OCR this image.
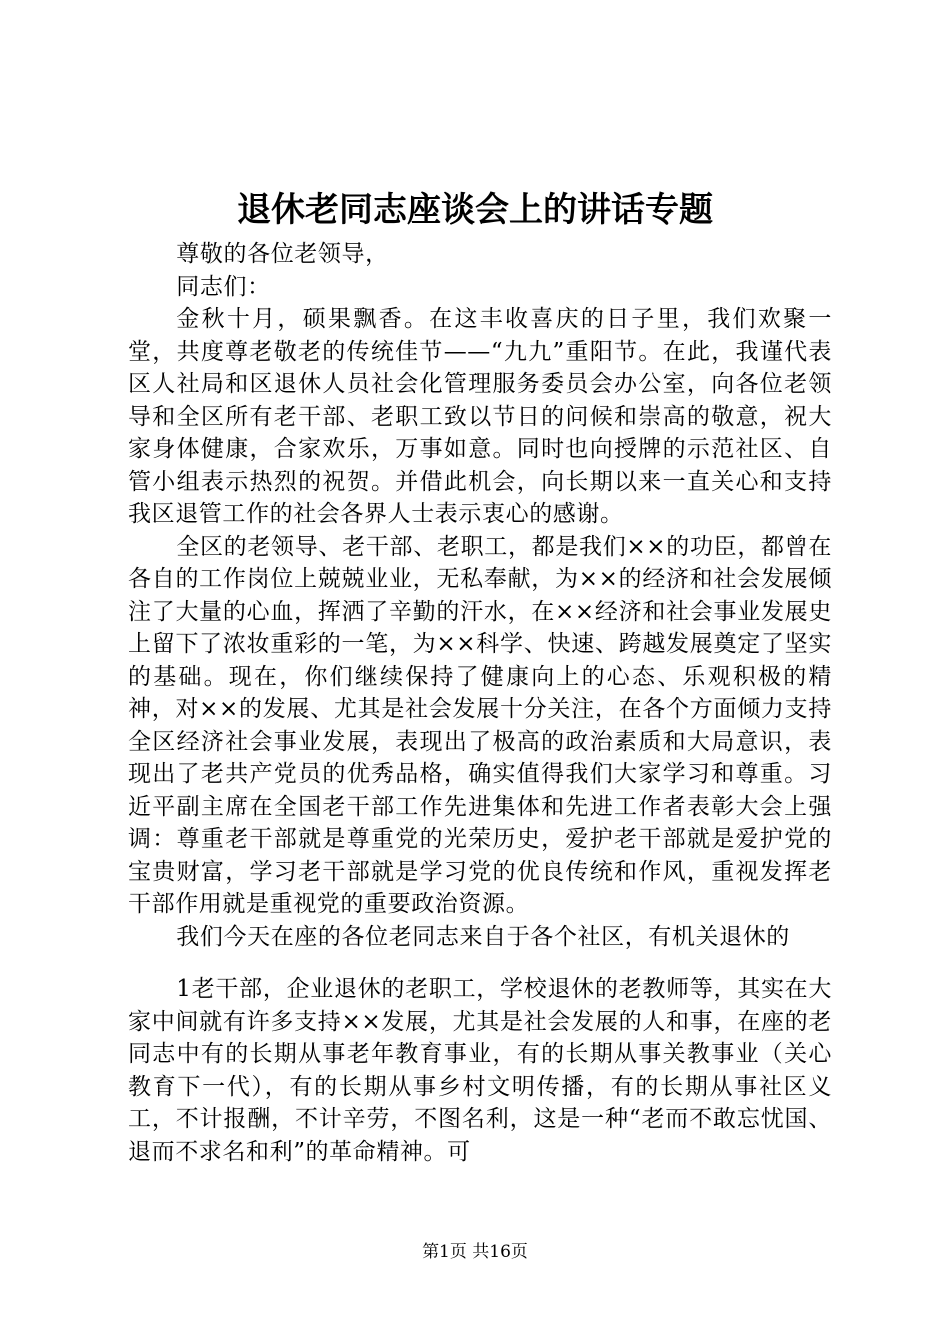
退休老同志座谈会上的讲话专题

尊敬的各位老领导，

同志们：

金秋十月，硕果飘香。在这丰收喜庆的日子里，我们欢聚一堂，共度尊老敬老的传统佳节——“九九”重阳节。在此，我谨代表区人社局和区退休人员社会化管理服务委员会办公室，向各位老领导和全区所有老干部、老职工致以节日的问候和崇高的敬意，祝大家身体健康，合家欢乐，万事如意。同时也向授牌的示范社区、自管小组表示热烈的祝贺。并借此机会，向长期以来一直关心和支持我区退管工作的社会各界人士表示衷心的感谢。

全区的老领导、老干部、老职工，都是我们××的功臣，都曾在各自的工作岗位上兢兢业业，无私奉献，为××的经济和社会发展倾注了大量的心血，挥洒了辛勤的汗水，在××经济和社会事业发展史上留下了浓妆重彩的一笔，为××科学、快速、跨越发展奠定了坚实的基础。现在，你们继续保持了健康向上的心态、乐观积极的精神，对××的发展、尤其是社会发展十分关注，在各个方面倾力支持全区经济社会事业发展，表现出了极高的政治素质和大局意识，表现出了老共产党员的优秀品格，确实值得我们大家学习和尊重。习近平副主席在全国老干部工作先进集体和先进工作者表彰大会上强调：尊重老干部就是尊重党的光荣历史，爱护老干部就是爱护党的宝贵财富，学习老干部就是学习党的优良传统和作风，重视发挥老干部作用就是重视党的重要政治资源。

我们今天在座的各位老同志来自于各个社区，有机关退休的

1老干部，企业退休的老职工，学校退休的老教师等，其实在大家中间就有许多支持××发展，尤其是社会发展的人和事，在座的老同志中有的长期从事老年教育事业，有的长期从事关教事业（关心教育下一代），有的长期从事乡村文明传播，有的长期从事社区义工，不计报酬，不计辛劳，不图名利，这是一种“老而不敢忘忧国、退而不求名和利”的革命精神。可

第1页 共16页
